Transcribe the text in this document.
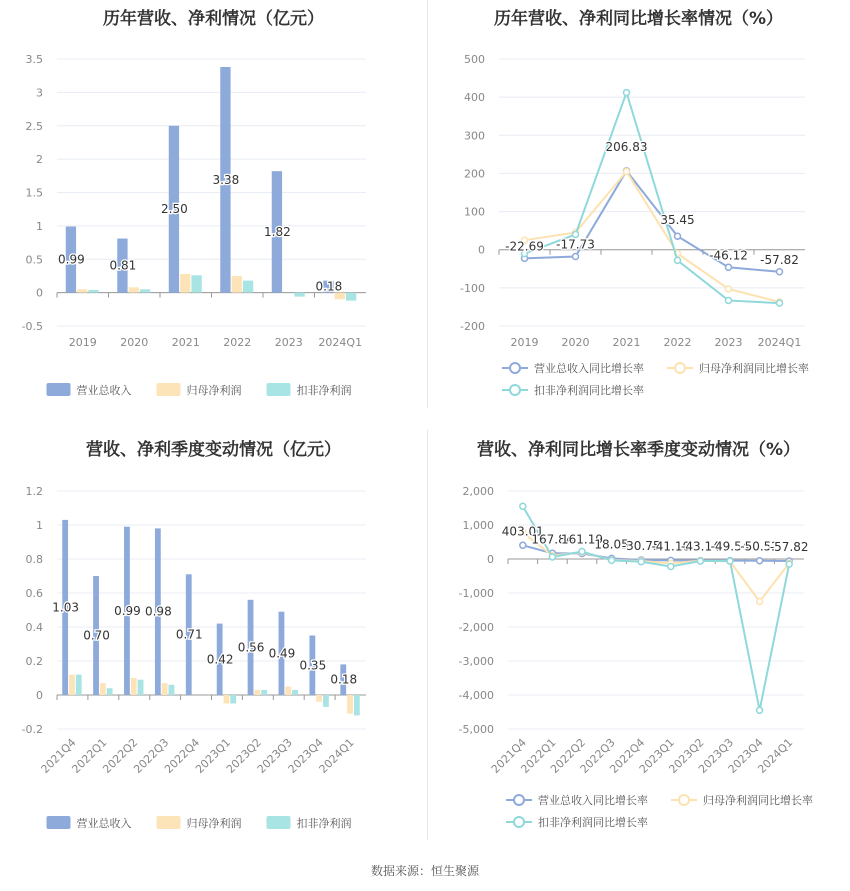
历年营收、净利情况（亿元）
3.5
3
2.5
2
1.5
1
0.5
0
-0.5
2019 2020 2021 2022 2023 2024Q1
0.99 0.81
2.50
3.38
1.82
0.18
营业总收入	归母净利润	扣非净利润
历年营收、净利同比增长率情况（%）
500
400
300
200
100
0
-100
-200
2019 2020 2021 2022 2023 2024Q1
-22.69 -17.73
206.83
35.45
-46.12 -57.82
营业总收入同比增长率	归母净利润同比增长率
扣非净利润同比增长率
营收、净利季度变动情况（亿元）
1.2
1
0.8
0.6
0.4
0.2
0
-0.2
2021Q4
2022Q1
2022Q2
2022Q3
2022Q4
2023Q1
2023Q2
2023Q3
2023Q4
2024Q1
1.03
0.70
0.99 0.98
0.71
0.42
0.56 0.49
0.35
0.18
营业总收入	归母净利润	扣非净利润
营收、净利同比增长率季度变动情况（%）
2,000
1,000
0
-1,000
-2,000
-3,000
-4,000
-5,000
2021Q4
2022Q1
2022Q2
2022Q3
2022Q4
2023Q1
2023Q2
2023Q3
2023Q4
2024Q1
403.01
167.84
161.19
18.05
-30.75
-41.10
-43.14
-49.54
-50.52
-57.82
营业总收入同比增长率	归母净利润同比增长率
扣非净利润同比增长率
数据来源：恒生聚源
